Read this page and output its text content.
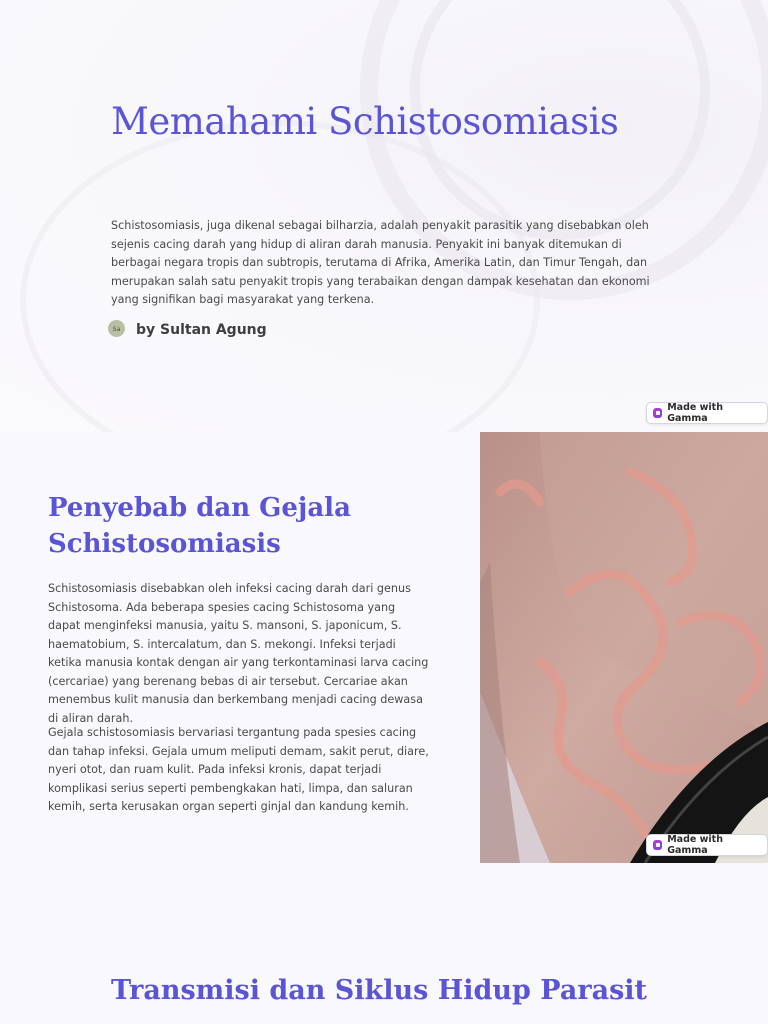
Memahami Schistosomiasis

Schistosomiasis, juga dikenal sebagai bilharzia, adalah penyakit parasitik yang disebabkan oleh sejenis cacing darah yang hidup di aliran darah manusia. Penyakit ini banyak ditemukan di berbagai negara tropis dan subtropis, terutama di Afrika, Amerika Latin, dan Timur Tengah, dan merupakan salah satu penyakit tropis yang terabaikan dengan dampak kesehatan dan ekonomi yang signifikan bagi masyarakat yang terkena.

Sa	by Sultan Agung
Made with Gamma
Penyebab dan Gejala Schistosomiasis

Schistosomiasis disebabkan oleh infeksi cacing darah dari genus Schistosoma. Ada beberapa spesies cacing Schistosoma yang dapat menginfeksi manusia, yaitu S. mansoni, S. japonicum, S. haematobium, S. intercalatum, dan S. mekongi. Infeksi terjadi ketika manusia kontak dengan air yang terkontaminasi larva cacing (cercariae) yang berenang bebas di air tersebut. Cercariae akan menembus kulit manusia dan berkembang menjadi cacing dewasa di aliran darah.

Gejala schistosomiasis bervariasi tergantung pada spesies cacing dan tahap infeksi. Gejala umum meliputi demam, sakit perut, diare, nyeri otot, dan ruam kulit. Pada infeksi kronis, dapat terjadi komplikasi serius seperti pembengkakan hati, limpa, dan saluran kemih, serta kerusakan organ seperti ginjal dan kandung kemih.

Made with Gamma
Transmisi dan Siklus Hidup Parasit
